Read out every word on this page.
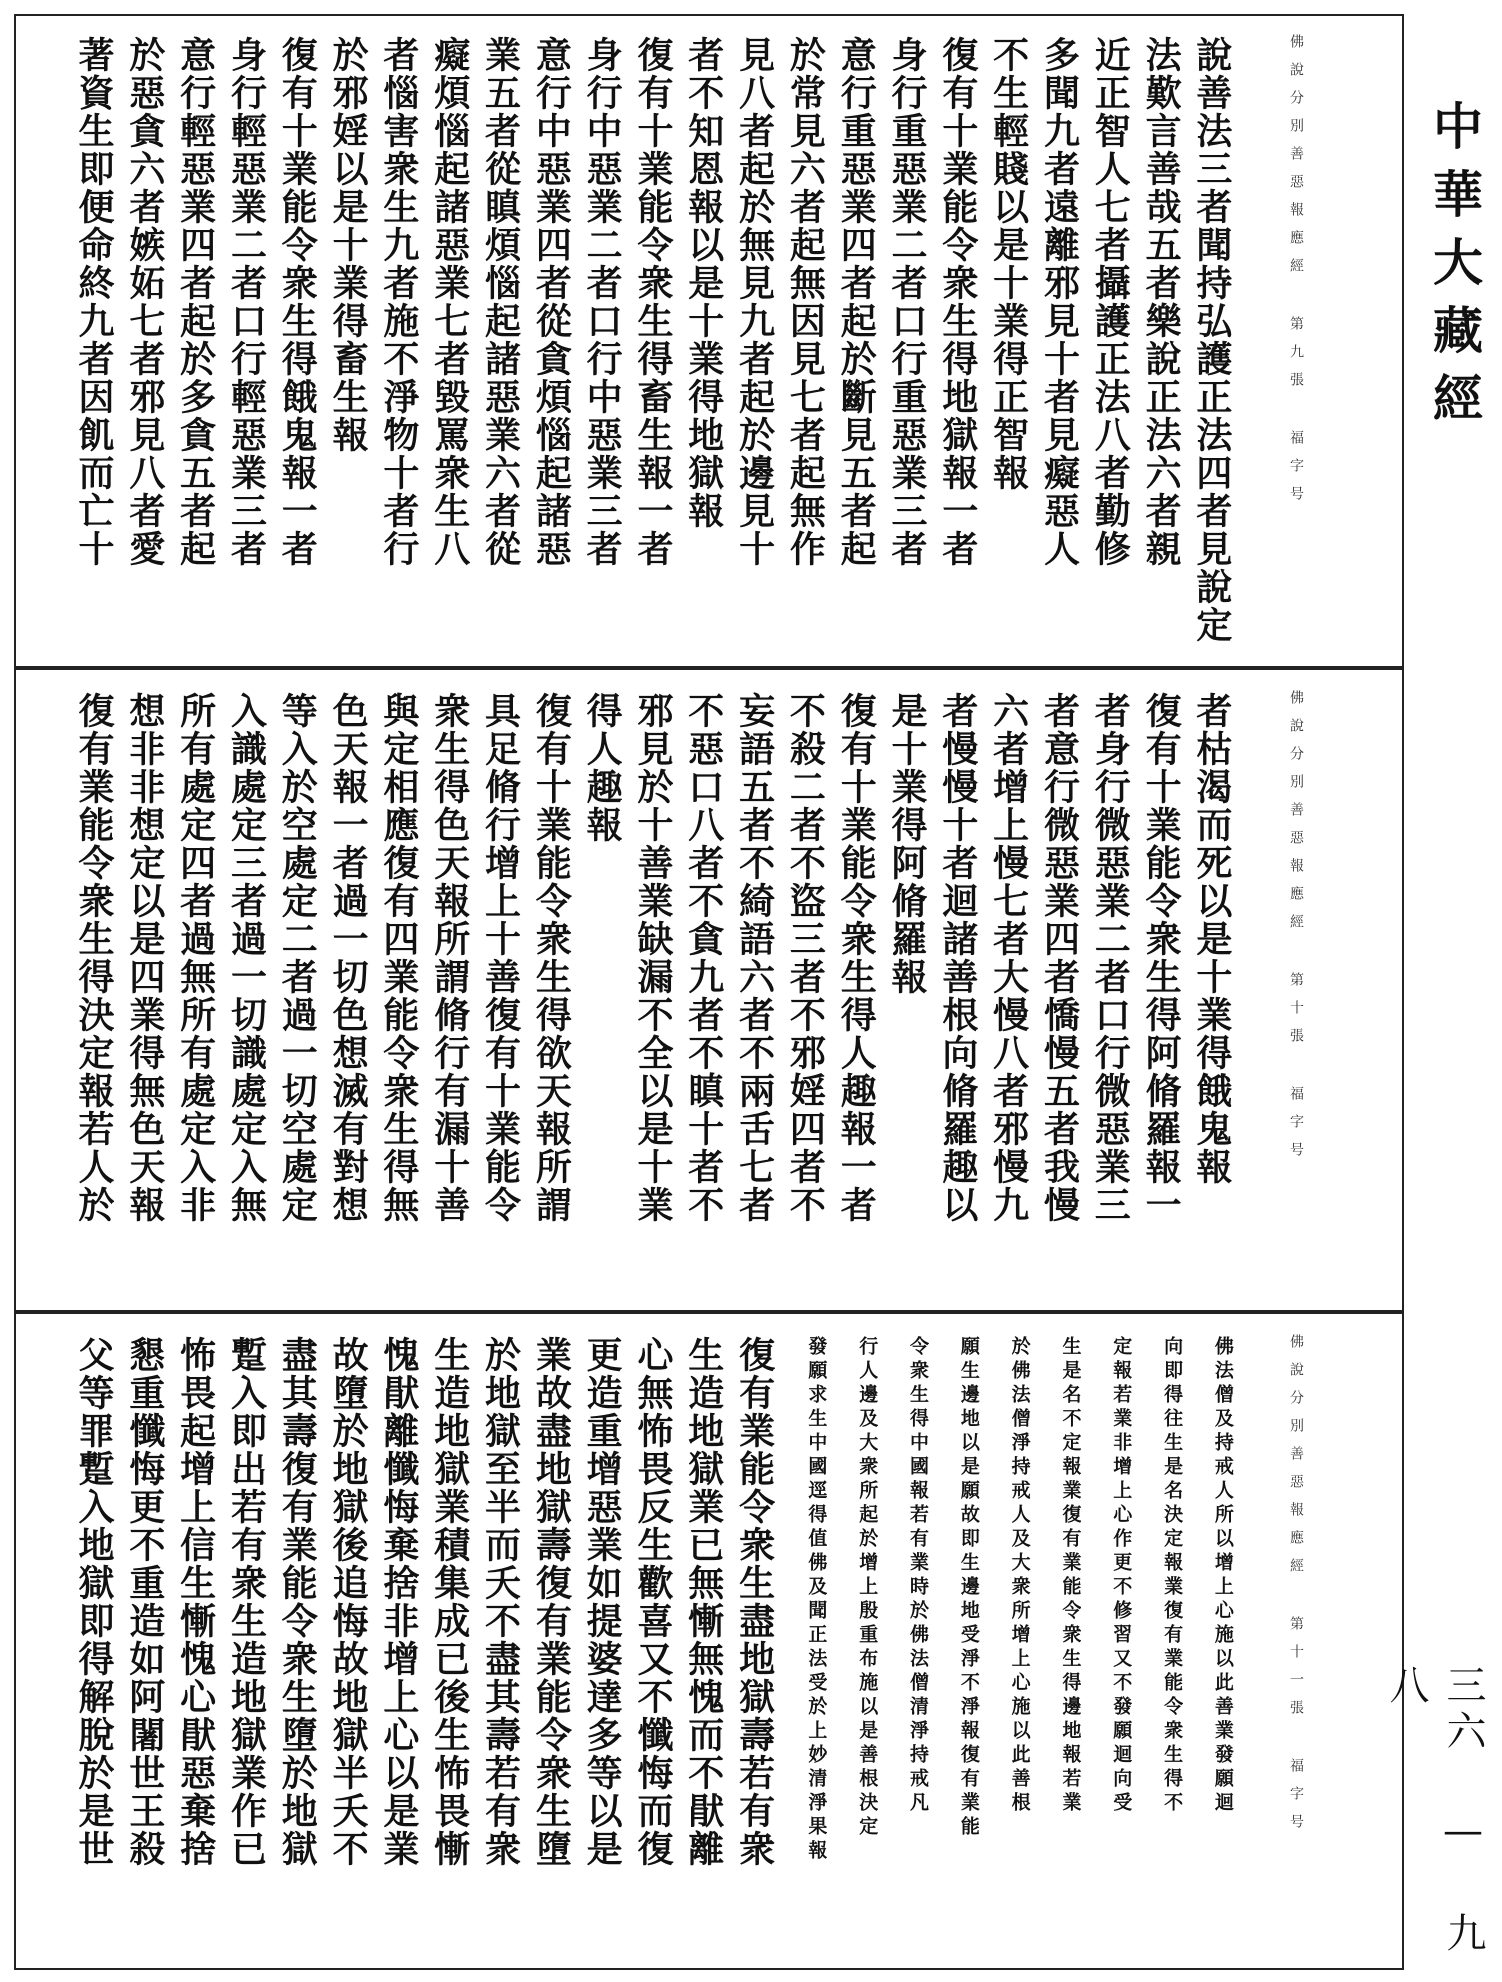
中華大藏經
三六 — 九八
佛說分別善惡報應經 第九張 福字号
說善法三者聞持弘護正法四者見說定
法歎言善哉五者樂說正法六者親
近正智人七者攝護正法八者勤修
多聞九者遠離邪見十者見癡惡人
不生輕賤以是十業得正智報
復有十業能令衆生得地獄報一者
身行重惡業二者口行重惡業三者
意行重惡業四者起於斷見五者起
於常見六者起無因見七者起無作
見八者起於無見九者起於邊見十
者不知恩報以是十業得地獄報
復有十業能令衆生得畜生報一者
身行中惡業二者口行中惡業三者
意行中惡業四者從貪煩惱起諸惡
業五者從瞋煩惱起諸惡業六者從
癡煩惱起諸惡業七者毀罵衆生八
者惱害衆生九者施不淨物十者行
於邪婬以是十業得畜生報
復有十業能令衆生得餓鬼報一者
身行輕惡業二者口行輕惡業三者
意行輕惡業四者起於多貪五者起
於惡貪六者嫉妬七者邪見八者愛
著資生即便命終九者因飢而亡十
佛說分別善惡報應經 第十張 福字号
者枯渴而死以是十業得餓鬼報
復有十業能令衆生得阿脩羅報一
者身行微惡業二者口行微惡業三
者意行微惡業四者憍慢五者我慢
六者增上慢七者大慢八者邪慢九
者慢慢十者迴諸善根向脩羅趣以
是十業得阿脩羅報
復有十業能令衆生得人趣報一者
不殺二者不盜三者不邪婬四者不
妄語五者不綺語六者不兩舌七者
不惡口八者不貪九者不瞋十者不
邪見於十善業缺漏不全以是十業
得人趣報
復有十業能令衆生得欲天報所謂
具足脩行增上十善復有十業能令
衆生得色天報所謂脩行有漏十善
與定相應復有四業能令衆生得無
色天報一者過一切色想滅有對想
等入於空處定二者過一切空處定
入識處定三者過一切識處定入無
所有處定四者過無所有處定入非
想非非想定以是四業得無色天報
復有業能令衆生得決定報若人於
佛說分別善惡報應經 第十一張 福字号
佛法僧及持戒人所以增上心施以此善業發願迴
向即得往生是名決定報業復有業能令衆生得不
定報若業非增上心作更不修習又不發願迴向受
生是名不定報業復有業能令衆生得邊地報若業
於佛法僧淨持戒人及大衆所增上心施以此善根
願生邊地以是願故即生邊地受淨不淨報復有業能
令衆生得中國報若有業時於佛法僧清淨持戒凡
行人邊及大衆所起於增上殷重布施以是善根決定
發願求生中國逕得值佛及聞正法受於上妙清淨果報
復有業能令衆生盡地獄壽若有衆
生造地獄業已無慚無愧而不猒離
心無怖畏反生歡喜又不懺悔而復
更造重增惡業如提婆達多等以是
業故盡地獄壽復有業能令衆生墮
於地獄至半而夭不盡其壽若有衆
生造地獄業積集成已後生怖畏慚
愧猒離懺悔棄捨非增上心以是業
故墮於地獄後追悔故地獄半夭不
盡其壽復有業能令衆生墮於地獄
蹔入即出若有衆生造地獄業作已
怖畏起增上信生慚愧心猒惡棄捨
懇重懺悔更不重造如阿闍世王殺
父等罪蹔入地獄即得解脫於是世
